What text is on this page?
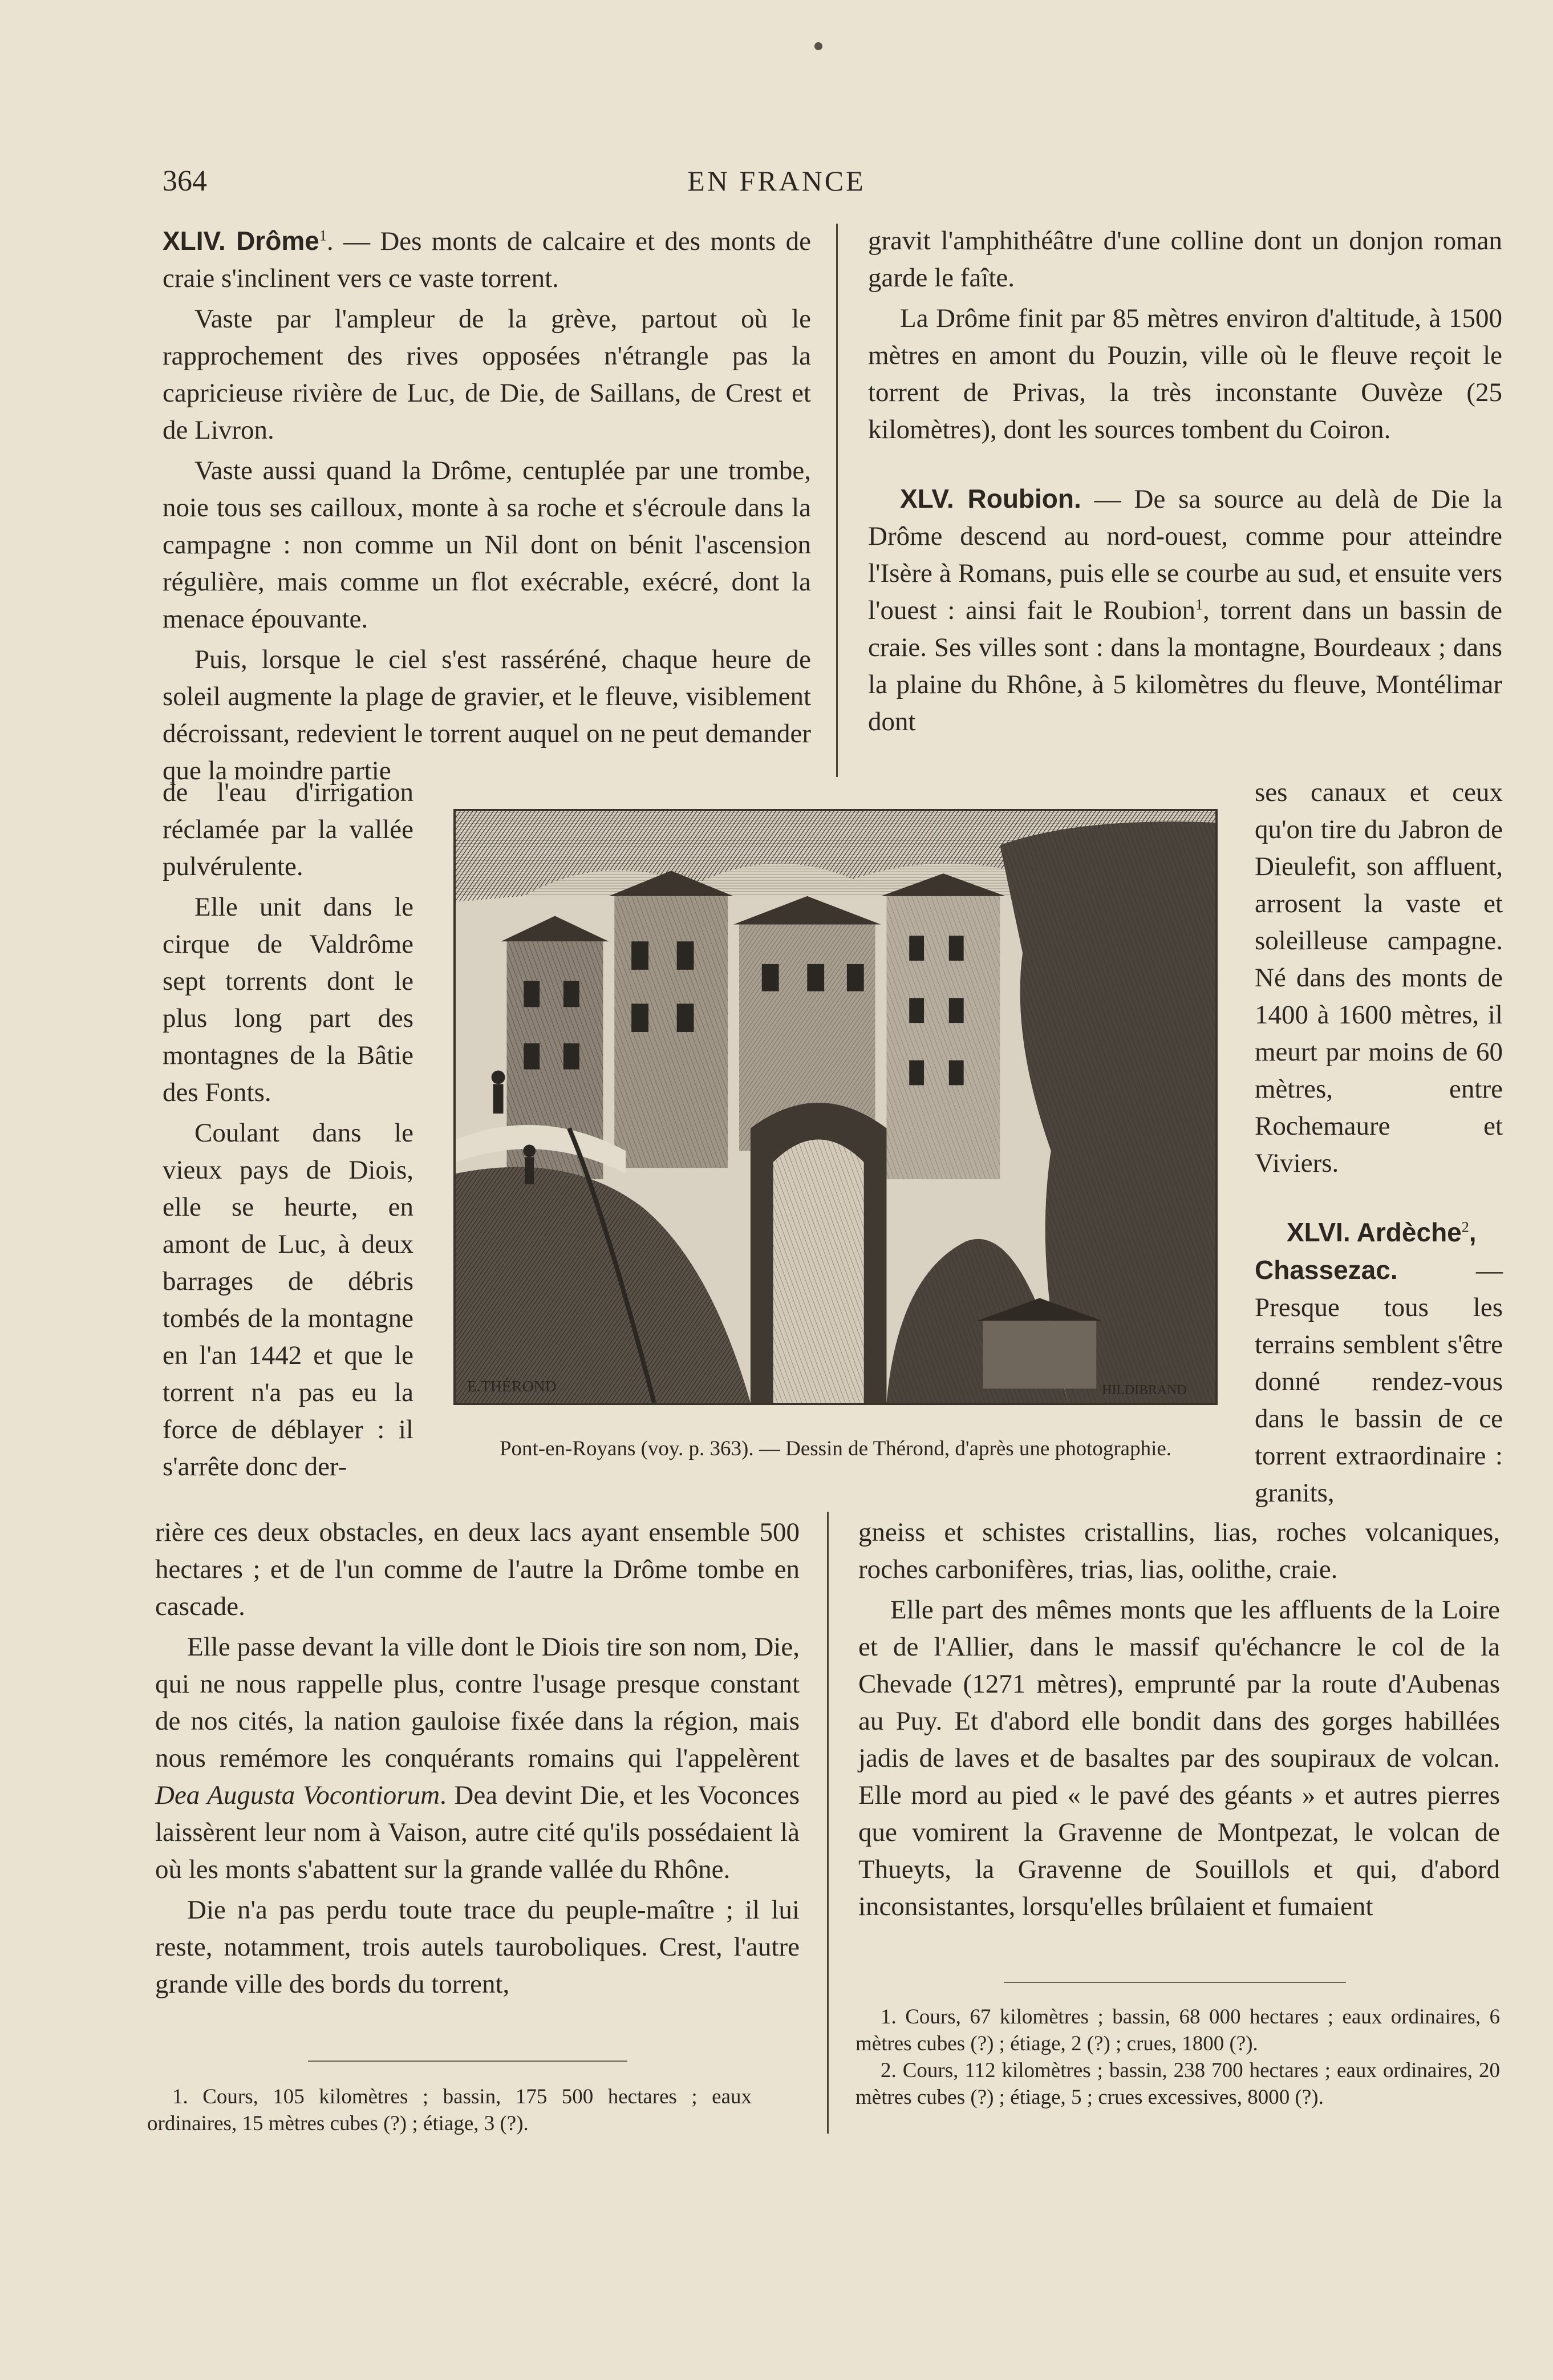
364	EN FRANCE

XLIV. Drôme$^1$. — Des monts de calcaire et des monts de craie s'inclinent vers ce vaste torrent.

Vaste par l'ampleur de la grève, partout où le rapprochement des rives opposées n'étrangle pas la capricieuse rivière de Luc, de Die, de Saillans, de Crest et de Livron.

Vaste aussi quand la Drôme, centuplée par une trombe, noie tous ses cailloux, monte à sa roche et s'écroule dans la campagne : non comme un Nil dont on bénit l'ascension régulière, mais comme un flot exécrable, exécré, dont la menace épouvante.

Puis, lorsque le ciel s'est rasséréné, chaque heure de soleil augmente la plage de gravier, et le fleuve, visiblement décroissant, redevient le torrent auquel on ne peut demander que la moindre partie

de l'eau d'irrigation réclamée par la vallée pulvérulente.

Elle unit dans le cirque de Valdrôme sept torrents dont le plus long part des montagnes de la Bâtie des Fonts.

Coulant dans le vieux pays de Diois, elle se heurte, en amont de Luc, à deux barrages de débris tombés de la montagne en l'an 1442 et que le torrent n'a pas eu la force de déblayer : il s'arrête donc der-

rière ces deux obstacles, en deux lacs ayant ensemble 500 hectares ; et de l'un comme de l'autre la Drôme tombe en cascade.

Elle passe devant la ville dont le Diois tire son nom, Die, qui ne nous rappelle plus, contre l'usage presque constant de nos cités, la nation gauloise fixée dans la région, mais nous remémore les conquérants romains qui l'appelèrent Dea Augusta Vocontiorum. Dea devint Die, et les Voconces laissèrent leur nom à Vaison, autre cité qu'ils possédaient là où les monts s'abattent sur la grande vallée du Rhône.

Die n'a pas perdu toute trace du peuple-maître ; il lui reste, notamment, trois autels tauroboliques. Crest, l'autre grande ville des bords du torrent,

1. Cours, 105 kilomètres ; bassin, 175 500 hectares ; eaux ordinaires, 15 mètres cubes (?) ; étiage, 3 (?).

gravit l'amphithéâtre d'une colline dont un donjon roman garde le faîte.

La Drôme finit par 85 mètres environ d'altitude, à 1500 mètres en amont du Pouzin, ville où le fleuve reçoit le torrent de Privas, la très inconstante Ouvèze (25 kilomètres), dont les sources tombent du Coiron.

XLV. Roubion. — De sa source au delà de Die la Drôme descend au nord-ouest, comme pour atteindre l'Isère à Romans, puis elle se courbe au sud, et ensuite vers l'ouest : ainsi fait le Roubion$^1$, torrent dans un bassin de craie. Ses villes sont : dans la montagne, Bourdeaux ; dans la plaine du Rhône, à 5 kilomètres du fleuve, Montélimar dont

ses canaux et ceux qu'on tire du Jabron de Dieulefit, son affluent, arrosent la vaste et soleilleuse campagne. Né dans des monts de 1400 à 1600 mètres, il meurt par moins de 60 mètres, entre Rochemaure et Viviers.

XLVI. Ardèche$^2$,
Chassezac. — Presque tous les terrains semblent s'être donné rendez-vous dans le bassin de ce torrent extraordinaire : granits,

gneiss et schistes cristallins, lias, roches volcaniques, roches carbonifères, trias, lias, oolithe, craie.

Elle part des mêmes monts que les affluents de la Loire et de l'Allier, dans le massif qu'échancre le col de la Chevade (1271 mètres), emprunté par la route d'Aubenas au Puy. Et d'abord elle bondit dans des gorges habillées jadis de laves et de basaltes par des soupiraux de volcan. Elle mord au pied « le pavé des géants » et autres pierres que vomirent la Gravenne de Montpezat, le volcan de Thueyts, la Gravenne de Souillols et qui, d'abord inconsistantes, lorsqu'elles brûlaient et fumaient

1. Cours, 67 kilomètres ; bassin, 68 000 hectares ; eaux ordinaires, 6 mètres cubes (?) ; étiage, 2 (?) ; crues, 1800 (?).

2. Cours, 112 kilomètres ; bassin, 238 700 hectares ; eaux ordinaires, 20 mètres cubes (?) ; étiage, 5 ; crues excessives, 8000 (?).

E.THÉROND	HILDIBRAND
Pont-en-Royans (voy. p. 363). — Dessin de Thérond, d'après une photographie.
